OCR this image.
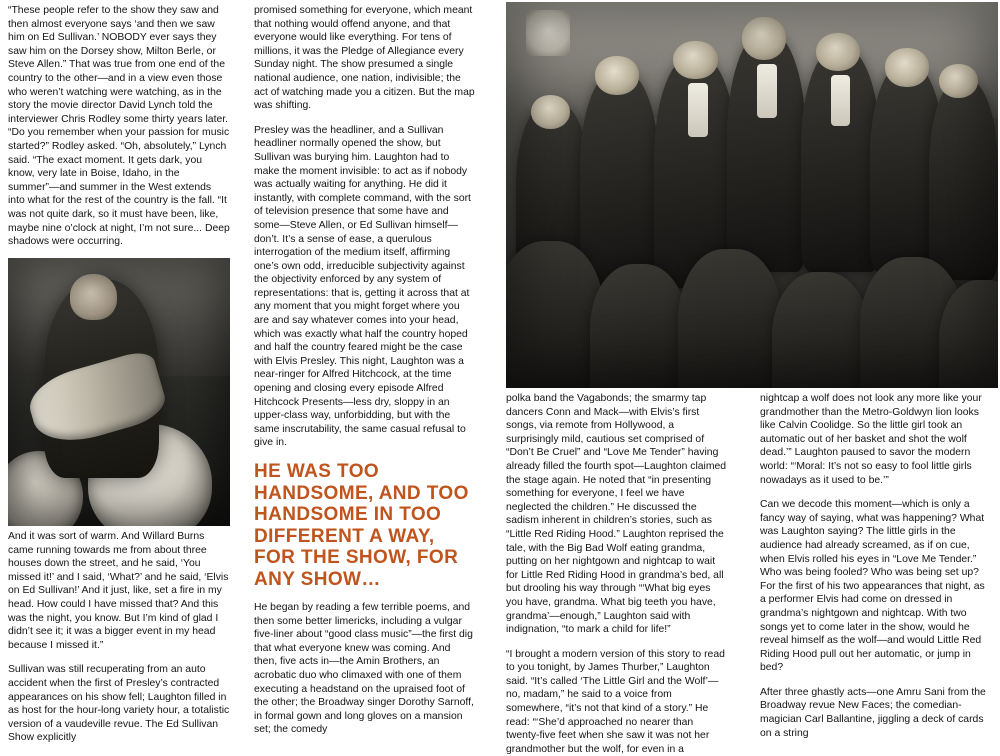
“These people refer to the show they saw and then almost everyone says ‘and then we saw him on Ed Sullivan.’ NOBODY ever says they saw him on the Dorsey show, Milton Berle, or Steve Allen.” That was true from one end of the country to the other—and in a view even those who weren’t watching were watching, as in the story the movie director David Lynch told the interviewer Chris Rodley some thirty years later. “Do you remember when your passion for music started?” Rodley asked. “Oh, absolutely,” Lynch said. “The exact moment. It gets dark, you know, very late in Boise, Idaho, in the summer”—and summer in the West extends into what for the rest of the country is the fall. “It was not quite dark, so it must have been, like, maybe nine o’clock at night, I’m not sure... Deep shadows were occurring.

And it was sort of warm. And Willard Burns came running towards me from about three houses down the street, and he said, ‘You missed it!’ and I said, ‘What?’ and he said, ‘Elvis on Ed Sullivan!’ And it just, like, set a fire in my head. How could I have missed that? And this was the night, you know. But I’m kind of glad I didn’t see it; it was a bigger event in my head because I missed it.”

Sullivan was still recuperating from an auto accident when the first of Presley’s contracted appearances on his show fell; Laughton filled in as host for the hour-long variety hour, a totalistic version of a vaudeville revue. The Ed Sullivan Show explicitly

promised something for everyone, which meant that nothing would offend anyone, and that everyone would like everything. For tens of millions, it was the Pledge of Allegiance every Sunday night. The show presumed a single national audience, one nation, indivisible; the act of watching made you a citizen. But the map was shifting.

Presley was the headliner, and a Sullivan headliner normally opened the show, but Sullivan was burying him. Laughton had to make the moment invisible: to act as if nobody was actually waiting for anything. He did it instantly, with complete command, with the sort of television presence that some have and some—Steve Allen, or Ed Sullivan himself—don’t. It’s a sense of ease, a querulous interrogation of the medium itself, affirming one’s own odd, irreducible subjectivity against the objectivity enforced by any system of representations: that is, getting it across that at any moment that you might forget where you are and say whatever comes into your head, which was exactly what half the country hoped and half the country feared might be the case with Elvis Presley. This night, Laughton was a near-ringer for Alfred Hitchcock, at the time opening and closing every episode Alfred Hitchcock Presents—less dry, sloppy in an upper-class way, unforbidding, but with the same inscrutability, the same casual refusal to give in.

HE WAS TOO HANDSOME, AND TOO HANDSOME IN TOO DIFFERENT A WAY, FOR THE SHOW, FOR ANY SHOW…

He began by reading a few terrible poems, and then some better limericks, including a vulgar five-liner about “good class music”—the first dig that what everyone knew was coming. And then, five acts in—the Amin Brothers, an acrobatic duo who climaxed with one of them executing a headstand on the upraised foot of the other; the Broadway singer Dorothy Sarnoff, in formal gown and long gloves on a mansion set; the comedy

polka band the Vagabonds; the smarmy tap dancers Conn and Mack—with Elvis’s first songs, via remote from Hollywood, a surprisingly mild, cautious set comprised of “Don’t Be Cruel” and “Love Me Tender” having already filled the fourth spot—Laughton claimed the stage again. He noted that “in presenting something for everyone, I feel we have neglected the children.” He discussed the sadism inherent in children’s stories, such as “Little Red Riding Hood.” Laughton reprised the tale, with the Big Bad Wolf eating grandma, putting on her nightgown and nightcap to wait for Little Red Riding Hood in grandma’s bed, all but drooling his way through “‘What big eyes you have, grandma. What big teeth you have, grandma’—enough,” Laughton said with indignation, “to mark a child for life!”

“I brought a modern version of this story to read to you tonight, by James Thurber,” Laughton said. “It’s called ‘The Little Girl and the Wolf’—no, madam,” he said to a voice from somewhere, “it’s not that kind of a story.” He read: “‘She’d approached no nearer than twenty-five feet when she saw it was not her grandmother but the wolf, for even in a

nightcap a wolf does not look any more like your grandmother than the Metro-Goldwyn lion looks like Calvin Coolidge. So the little girl took an automatic out of her basket and shot the wolf dead.’” Laughton paused to savor the modern world: “‘Moral: It’s not so easy to fool little girls nowadays as it used to be.’”

Can we decode this moment—which is only a fancy way of saying, what was happening? What was Laughton saying? The little girls in the audience had already screamed, as if on cue, when Elvis rolled his eyes in “Love Me Tender.” Who was being fooled? Who was being set up? For the first of his two appearances that night, as a performer Elvis had come on dressed in grandma’s nightgown and nightcap. With two songs yet to come later in the show, would he reveal himself as the wolf—and would Little Red Riding Hood pull out her automatic, or jump in bed?

After three ghastly acts—one Amru Sani from the Broadway revue New Faces; the comedian-magician Carl Ballantine, jiggling a deck of cards on a string
